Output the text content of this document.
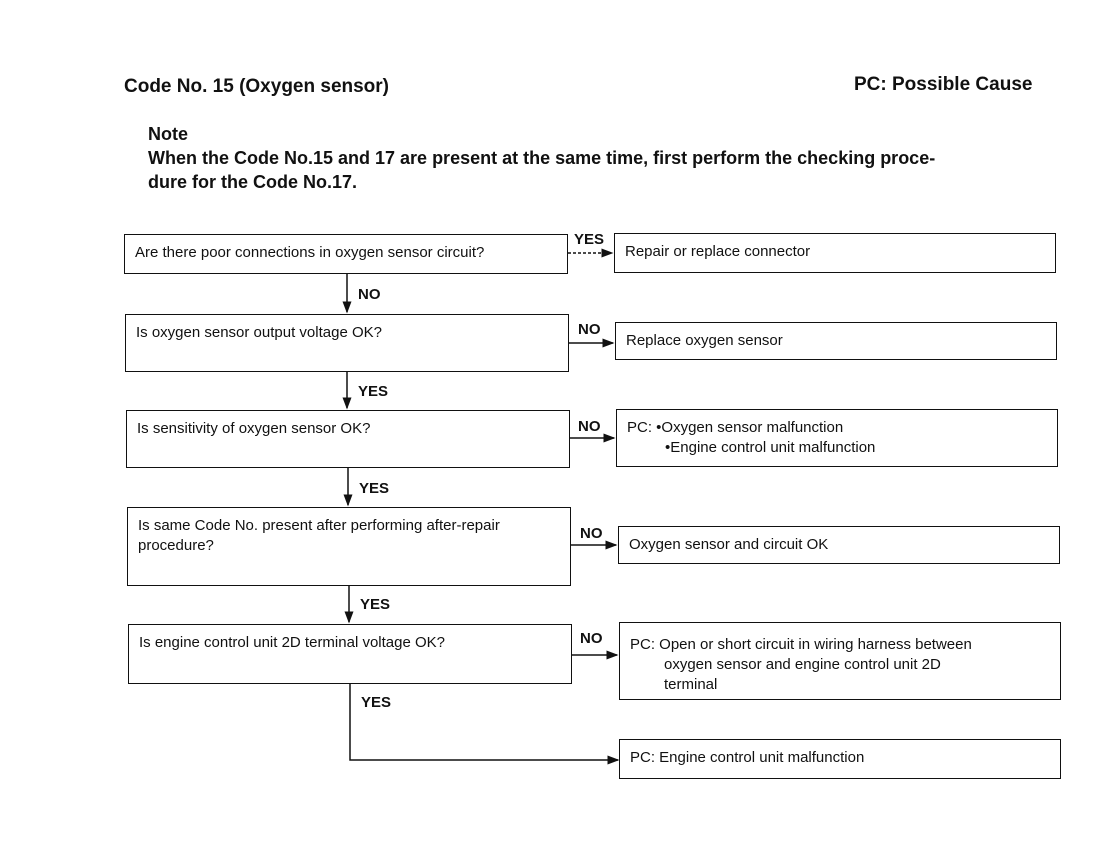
Code No. 15 (Oxygen sensor)	PC: Possible Cause
Note
When the Code No.15 and 17 are present at the same time, first perform the checking proce-
dure for the Code No.17.
Are there poor connections in oxygen sensor circuit?
YES
Repair or replace connector
NO
Is oxygen sensor output voltage OK?	NO
Replace oxygen sensor
YES
Is sensitivity of oxygen sensor OK?	NO PC: •Oxygen sensor malfunction
•Engine control unit malfunction
YES
Is same Code No. present after performing after-repair procedure?
NO
Oxygen sensor and circuit OK
YES
Is engine control unit 2D terminal voltage OK?	NO PC: Open or short circuit in wiring harness between
oxygen sensor and engine control unit 2D
terminal
YES
PC: Engine control unit malfunction
